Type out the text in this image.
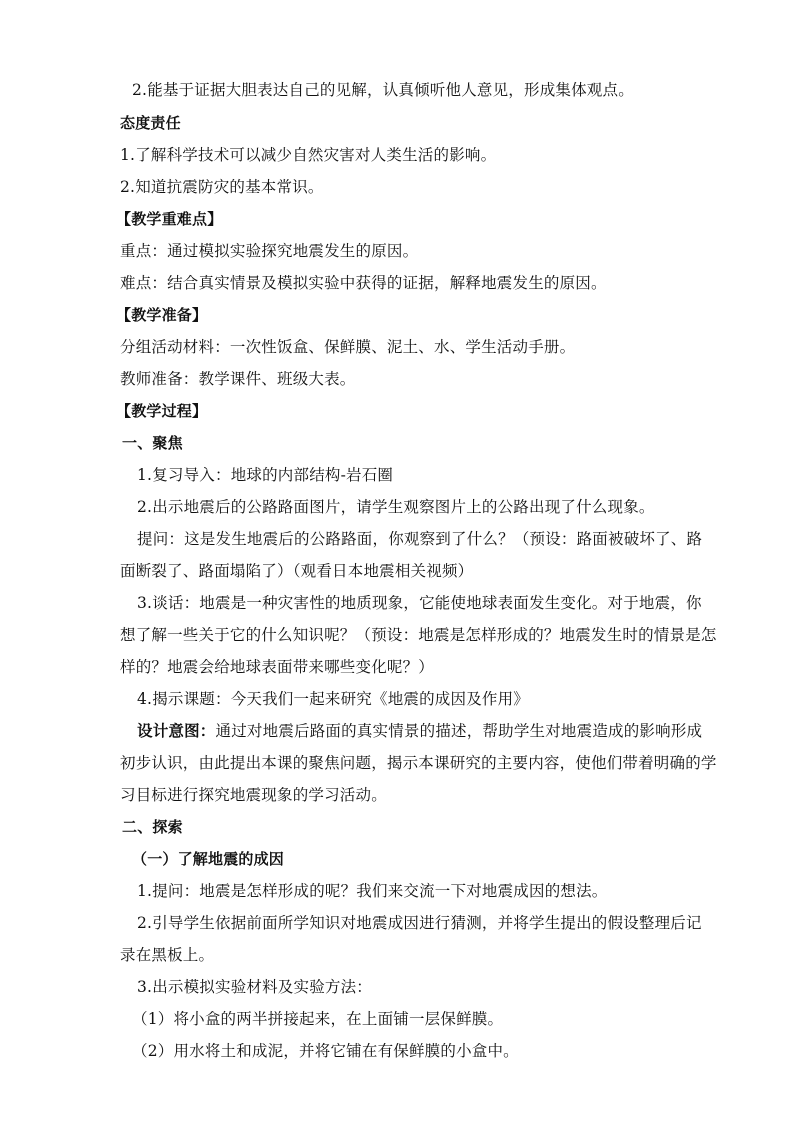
2.能基于证据大胆表达自己的见解，认真倾听他人意见，形成集体观点。
态度责任
1.了解科学技术可以减少自然灾害对人类生活的影响。
2.知道抗震防灾的基本常识。
【教学重难点】
重点：通过模拟实验探究地震发生的原因。
难点：结合真实情景及模拟实验中获得的证据，解释地震发生的原因。
【教学准备】
分组活动材料：一次性饭盒、保鲜膜、泥土、水、学生活动手册。
教师准备：教学课件、班级大表。
【教学过程】
一、聚焦
1.复习导入：地球的内部结构-岩石圈
2.出示地震后的公路路面图片，请学生观察图片上的公路出现了什么现象。
提问：这是发生地震后的公路路面，你观察到了什么？（预设：路面被破坏了、路
面断裂了、路面塌陷了）（观看日本地震相关视频）
3.谈话：地震是一种灾害性的地质现象，它能使地球表面发生变化。对于地震，你
想了解一些关于它的什么知识呢？（预设：地震是怎样形成的？地震发生时的情景是怎
样的？地震会给地球表面带来哪些变化呢？）
4.揭示课题：今天我们一起来研究《地震的成因及作用》
设计意图：通过对地震后路面的真实情景的描述，帮助学生对地震造成的影响形成
初步认识，由此提出本课的聚焦问题，揭示本课研究的主要内容，使他们带着明确的学
习目标进行探究地震现象的学习活动。
二、探索
（一）了解地震的成因
1.提问：地震是怎样形成的呢？我们来交流一下对地震成因的想法。
2.引导学生依据前面所学知识对地震成因进行猜测，并将学生提出的假设整理后记
录在黑板上。
3.出示模拟实验材料及实验方法：
（1）将小盒的两半拼接起来，在上面铺一层保鲜膜。
（2）用水将土和成泥，并将它铺在有保鲜膜的小盒中。
